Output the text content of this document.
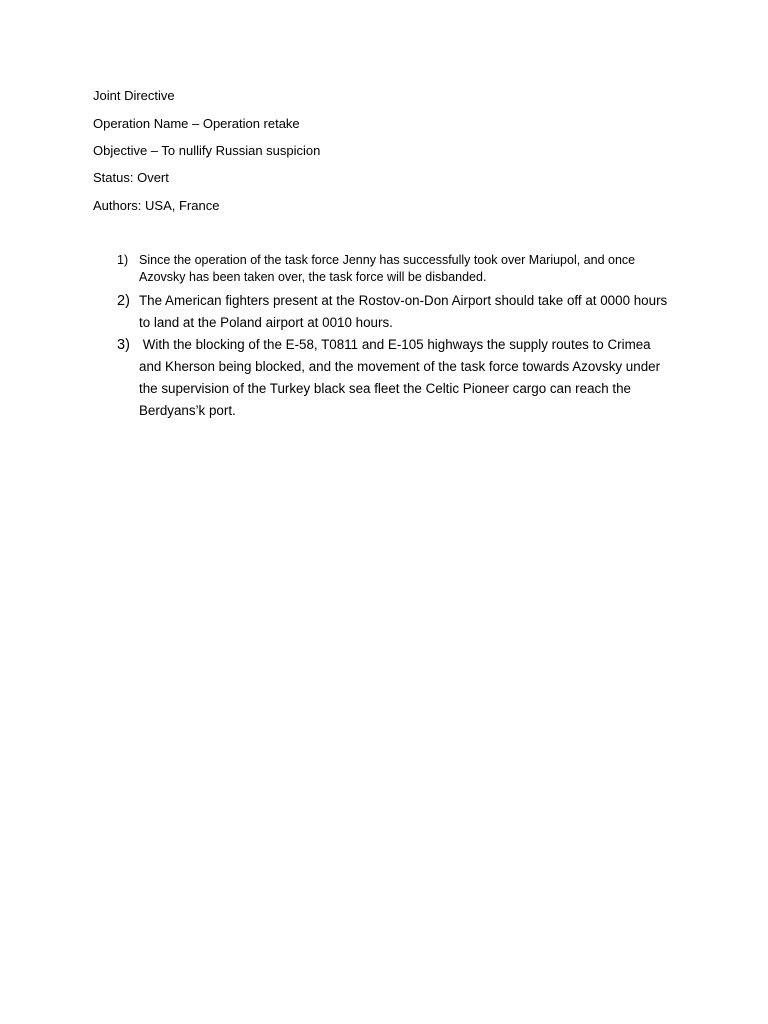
Joint Directive
Operation Name – Operation retake
Objective – To nullify Russian suspicion
Status: Overt
Authors: USA, France
1) Since the operation of the task force Jenny has successfully took over Mariupol, and once Azovsky has been taken over, the task force will be disbanded.
2) The American fighters present at the Rostov-on-Don Airport should take off at 0000 hours to land at the Poland airport at 0010 hours.
3) With the blocking of the E-58, T0811 and E-105 highways the supply routes to Crimea and Kherson being blocked, and the movement of the task force towards Azovsky under the supervision of the Turkey black sea fleet the Celtic Pioneer cargo can reach the Berdyans’k port.
